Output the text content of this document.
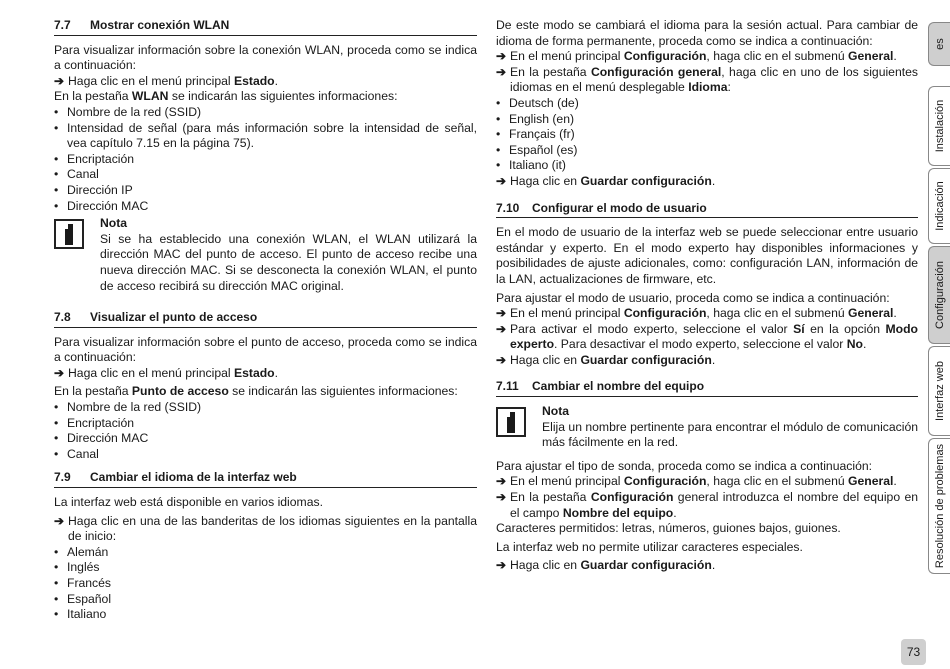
7.7	Mostrar conexión WLAN

Para visualizar información sobre la conexión WLAN, proceda como se indica a continuación:

➔ Haga clic en el menú principal Estado.

En la pestaña WLAN se indicarán las siguientes informaciones:

• Nombre de la red (SSID)
• Intensidad de señal (para más información sobre la intensidad de señal, vea capítulo 7.15 en la página 75).
• Encriptación
• Canal
• Dirección IP
• Dirección MAC
Nota

Si se ha establecido una conexión WLAN, el WLAN utilizará la dirección MAC del punto de acceso. El punto de acceso recibe una nueva dirección MAC. Si se desconecta la conexión WLAN, el punto de acceso recibirá su dirección MAC original.

7.8	Visualizar el punto de acceso

Para visualizar información sobre el punto de acceso, proceda como se indica a continuación:

➔ Haga clic en el menú principal Estado.

En la pestaña Punto de acceso se indicarán las siguientes informaciones:

• Nombre de la red (SSID)
• Encriptación
• Dirección MAC
• Canal
7.9	Cambiar el idioma de la interfaz web

La interfaz web está disponible en varios idiomas.

➔ Haga clic en una de las banderitas de los idiomas siguientes en la pantalla de inicio:
• Alemán
• Inglés
• Francés
• Español
• Italiano

De este modo se cambiará el idioma para la sesión actual. Para cambiar de idioma de forma permanente, proceda como se indica a continuación:

➔ En el menú principal Configuración, haga clic en el submenú General.
➔ En la pestaña Configuración general, haga clic en uno de los siguientes idiomas en el menú desplegable Idioma:
• Deutsch (de)
• English (en)
• Français (fr)
• Español (es)
• Italiano (it)
➔ Haga clic en Guardar configuración.
7.10	Configurar el modo de usuario

En el modo de usuario de la interfaz web se puede seleccionar entre usuario estándar y experto. En el modo experto hay disponibles informaciones y posibilidades de ajuste adicionales, como: configuración LAN, información de la LAN, actualizaciones de firmware, etc.

Para ajustar el modo de usuario, proceda como se indica a continuación:

➔ En el menú principal Configuración, haga clic en el submenú General.
➔ Para activar el modo experto, seleccione el valor Sí en la opción Modo experto. Para desactivar el modo experto, seleccione el valor No.
➔ Haga clic en Guardar configuración.
7.11	Cambiar el nombre del equipo
Nota

Elija un nombre pertinente para encontrar el módulo de comunicación más fácilmente en la red.

Para ajustar el tipo de sonda, proceda como se indica a continuación:

➔ En el menú principal Configuración, haga clic en el submenú General.
➔ En la pestaña Configuración general introduzca el nombre del equipo en el campo Nombre del equipo.

Caracteres permitidos: letras, números, guiones bajos, guiones.

La interfaz web no permite utilizar caracteres especiales.

➔ Haga clic en Guardar configuración.
es
Instalación
Indicación
Configuración
Interfaz web
Resolución de problemas
73
